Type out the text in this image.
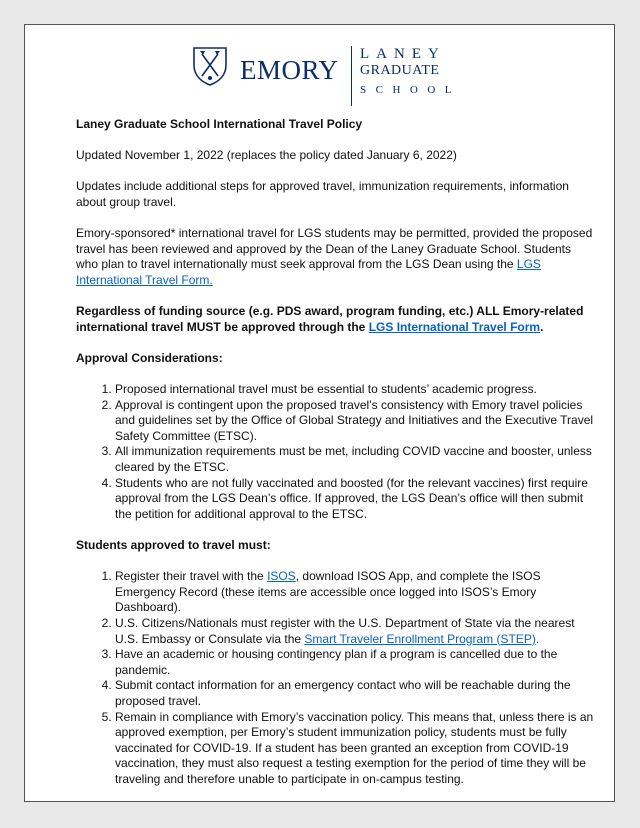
EMORY
LANEY
GRADUATE
SCHOOL

Laney Graduate School International Travel Policy

Updated November 1, 2022 (replaces the policy dated January 6, 2022)

Updates include additional steps for approved travel, immunization requirements, information about group travel.

Emory-sponsored* international travel for LGS students may be permitted, provided the proposed travel has been reviewed and approved by the Dean of the Laney Graduate School. Students who plan to travel internationally must seek approval from the LGS Dean using the LGS International Travel Form.

Regardless of funding source (e.g. PDS award, program funding, etc.) ALL Emory-related international travel MUST be approved through the LGS International Travel Form.

Approval Considerations:

1. Proposed international travel must be essential to students’ academic progress.
2. Approval is contingent upon the proposed travel’s consistency with Emory travel policies and guidelines set by the Office of Global Strategy and Initiatives and the Executive Travel Safety Committee (ETSC).
3. All immunization requirements must be met, including COVID vaccine and booster, unless cleared by the ETSC.
4. Students who are not fully vaccinated and boosted (for the relevant vaccines) first require approval from the LGS Dean’s office. If approved, the LGS Dean’s office will then submit the petition for additional approval to the ETSC.

Students approved to travel must:

1. Register their travel with the ISOS, download ISOS App, and complete the ISOS Emergency Record (these items are accessible once logged into ISOS’s Emory Dashboard).
2. U.S. Citizens/Nationals must register with the U.S. Department of State via the nearest U.S. Embassy or Consulate via the Smart Traveler Enrollment Program (STEP).
3. Have an academic or housing contingency plan if a program is cancelled due to the pandemic.
4. Submit contact information for an emergency contact who will be reachable during the proposed travel.
5. Remain in compliance with Emory’s vaccination policy. This means that, unless there is an approved exemption, per Emory’s student immunization policy, students must be fully vaccinated for COVID-19. If a student has been granted an exception from COVID-19 vaccination, they must also request a testing exemption for the period of time they will be traveling and therefore unable to participate in on-campus testing.
